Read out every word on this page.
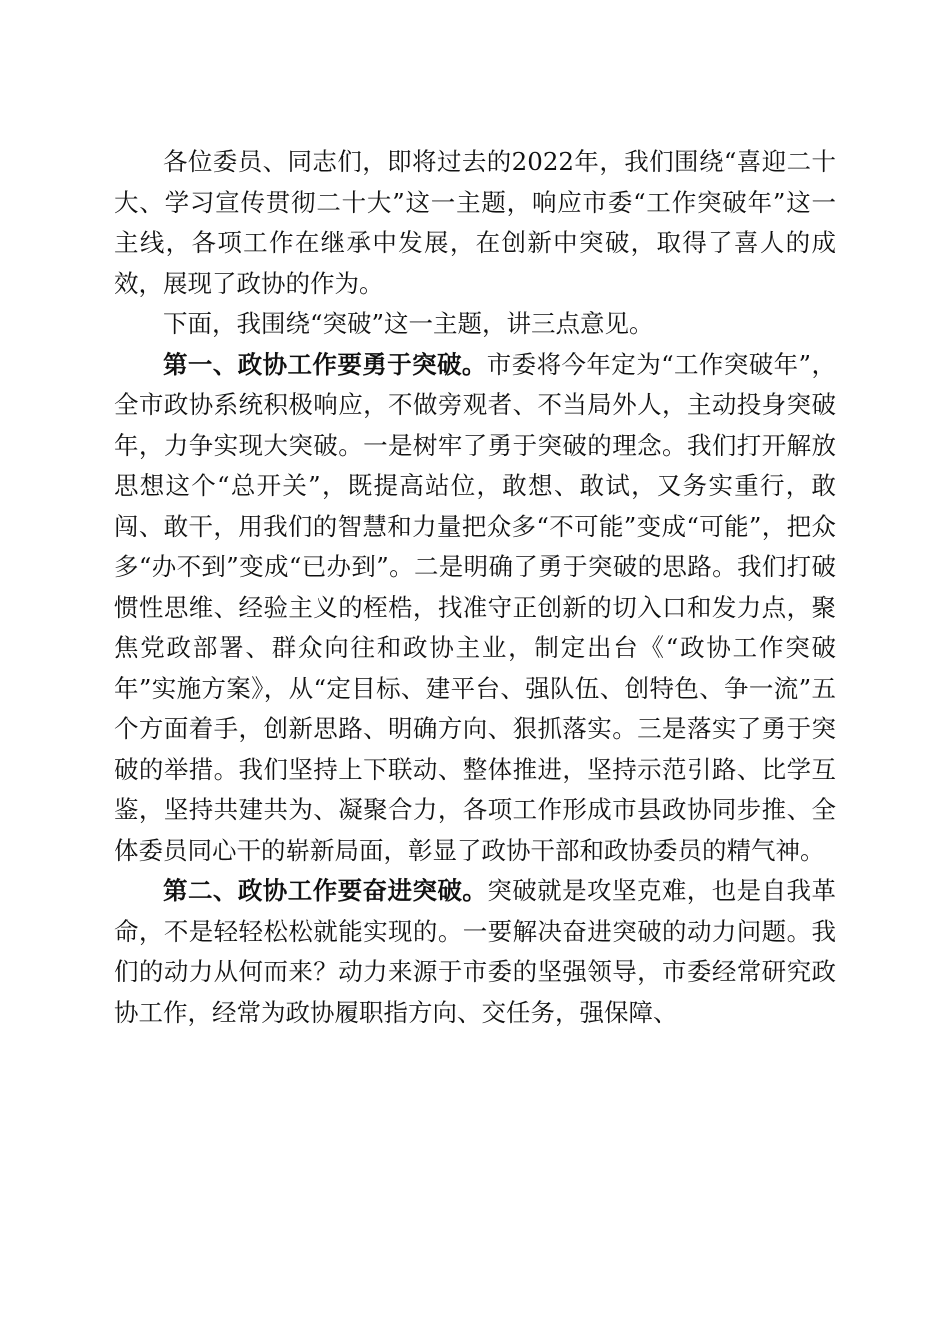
各位委员、同志们，即将过去的2022年，我们围绕“喜迎二十大、学习宣传贯彻二十大”这一主题，响应市委“工作突破年”这一主线，各项工作在继承中发展，在创新中突破，取得了喜人的成效，展现了政协的作为。

下面，我围绕“突破”这一主题，讲三点意见。

第一、政协工作要勇于突破。市委将今年定为“工作突破年”，全市政协系统积极响应，不做旁观者、不当局外人，主动投身突破年，力争实现大突破。一是树牢了勇于突破的理念。我们打开解放思想这个“总开关”，既提高站位，敢想、敢试，又务实重行，敢闯、敢干，用我们的智慧和力量把众多“不可能”变成“可能”，把众多“办不到”变成“已办到”。二是明确了勇于突破的思路。我们打破惯性思维、经验主义的桎梏，找准守正创新的切入口和发力点，聚焦党政部署、群众向往和政协主业，制定出台《“政协工作突破年”实施方案》，从“定目标、建平台、强队伍、创特色、争一流”五个方面着手，创新思路、明确方向、狠抓落实。三是落实了勇于突破的举措。我们坚持上下联动、整体推进，坚持示范引路、比学互鉴，坚持共建共为、凝聚合力，各项工作形成市县政协同步推、全体委员同心干的崭新局面，彰显了政协干部和政协委员的精气神。

第二、政协工作要奋进突破。突破就是攻坚克难，也是自我革命，不是轻轻松松就能实现的。一要解决奋进突破的动力问题。我们的动力从何而来？动力来源于市委的坚强领导，市委经常研究政协工作，经常为政协履职指方向、交任务，强保障、
